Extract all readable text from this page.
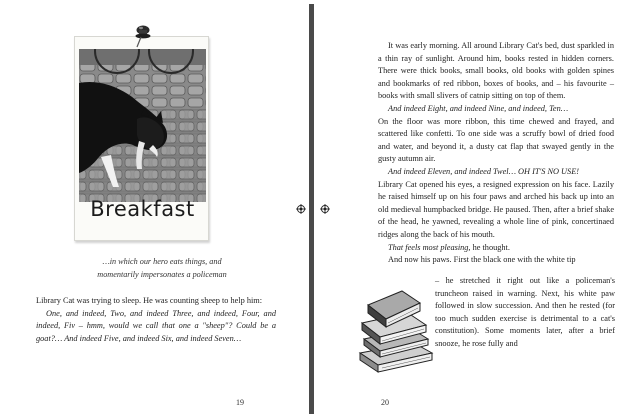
Breakfast
…in which our hero eats things, and
momentarily impersonates a policeman

Library Cat was trying to sleep. He was counting sheep to help him:

One, and indeed, Two, and indeed Three, and indeed, Four, and indeed, Fiv – hmm, would we call that one a "sheep"? Could be a goat?… And indeed Five, and indeed Six, and indeed Seven…

19

It was early morning. All around Library Cat's bed, dust sparkled in a thin ray of sunlight. Around him, books rested in hidden corners. There were thick books, small books, old books with golden spines and bookmarks of red ribbon, boxes of books, and – his favourite – books with small slivers of catnip sitting on top of them.

And indeed Eight, and indeed Nine, and indeed, Ten…

On the floor was more ribbon, this time chewed and frayed, and scattered like confetti. To one side was a scruffy bowl of dried food and water, and beyond it, a dusty cat flap that swayed gently in the gusty autumn air.

And indeed Eleven, and indeed Twel… OH IT'S NO USE!

Library Cat opened his eyes, a resigned expression on his face. Lazily he raised himself up on his four paws and arched his back up into an old medieval humpbacked bridge. He paused. Then, after a brief shake of the head, he yawned, revealing a whole line of pink, concertinaed ridges along the back of his mouth.

That feels most pleasing, he thought.

And now his paws. First the black one with the white tip

– he stretched it right out like a policeman's truncheon raised in warning. Next, his white paw followed in slow succession. And then he rested (for too much sudden exercise is detrimental to a cat's constitution). Some moments later, after a brief snooze, he rose fully and
20
